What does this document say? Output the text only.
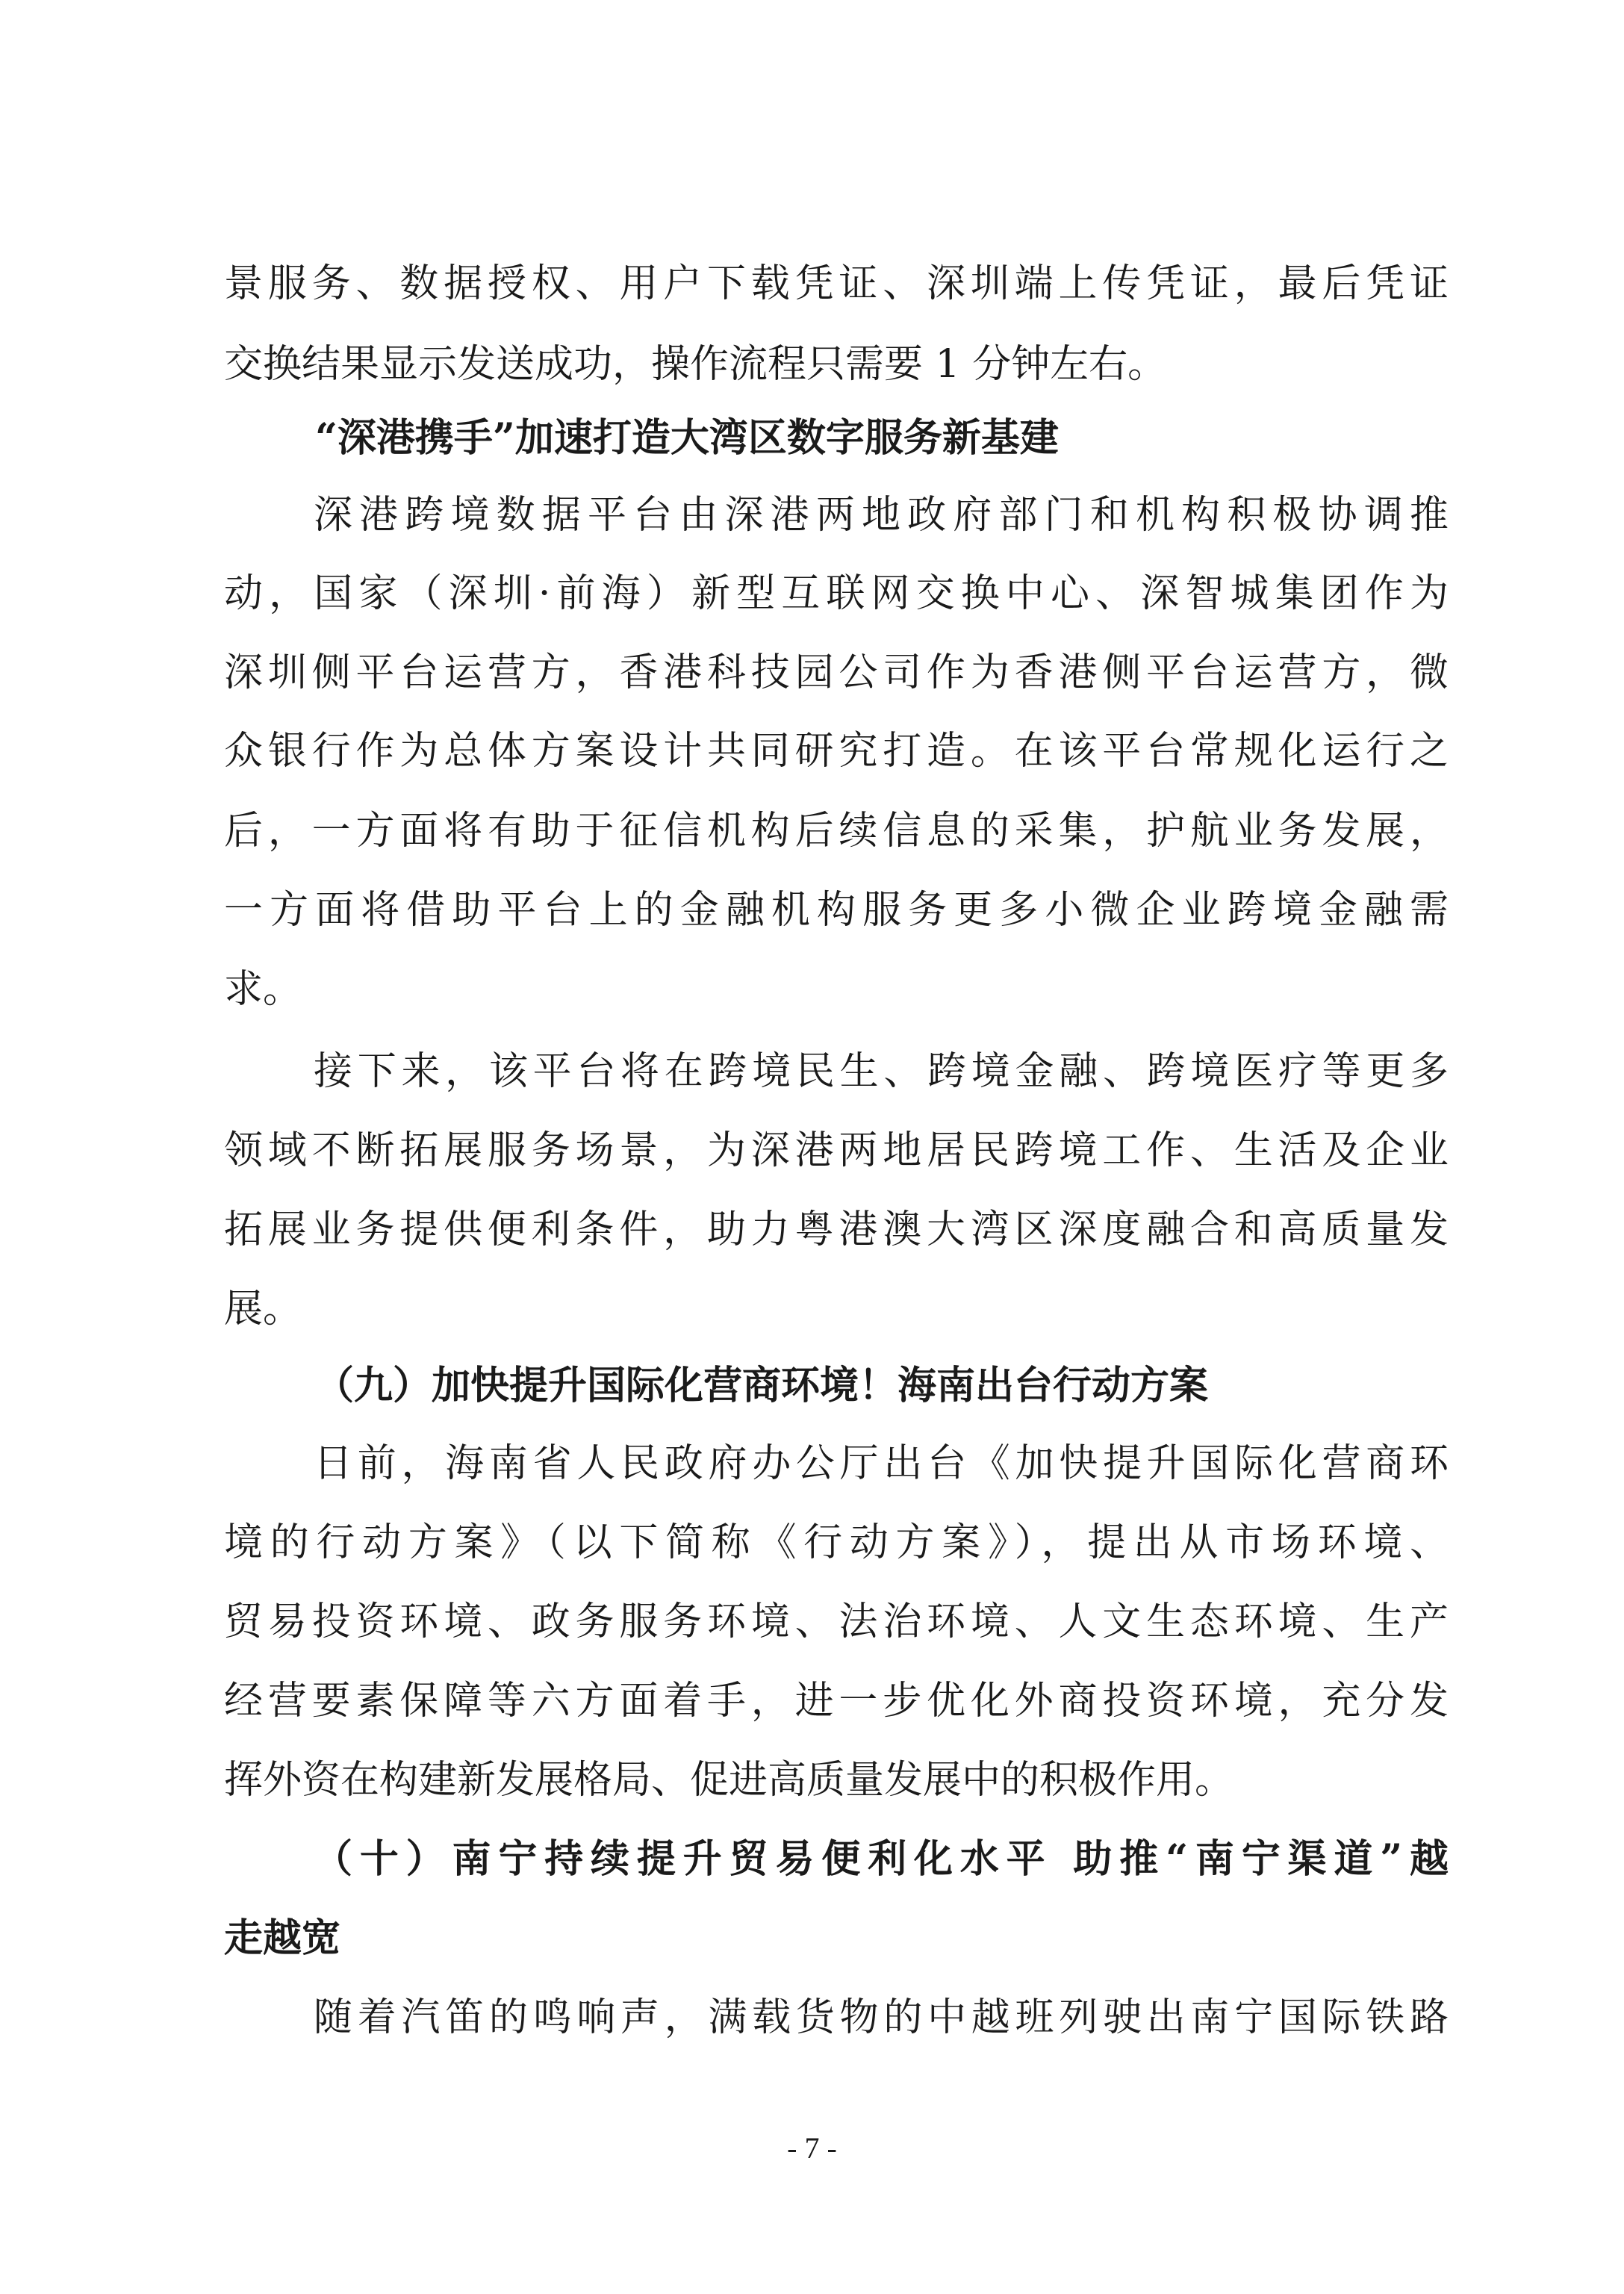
景服务、数据授权、用户下载凭证、深圳端上传凭证，最后凭证
交换结果显示发送成功，操作流程只需要 1 分钟左右。
“深港携手”加速打造大湾区数字服务新基建
深港跨境数据平台由深港两地政府部门和机构积极协调推
动，国家（深圳·前海）新型互联网交换中心、深智城集团作为
深圳侧平台运营方，香港科技园公司作为香港侧平台运营方，微
众银行作为总体方案设计共同研究打造。在该平台常规化运行之
后，一方面将有助于征信机构后续信息的采集，护航业务发展，
一方面将借助平台上的金融机构服务更多小微企业跨境金融需
求。
接下来，该平台将在跨境民生、跨境金融、跨境医疗等更多
领域不断拓展服务场景，为深港两地居民跨境工作、生活及企业
拓展业务提供便利条件，助力粤港澳大湾区深度融合和高质量发
展。
（九）加快提升国际化营商环境！海南出台行动方案
日前，海南省人民政府办公厅出台《加快提升国际化营商环
境的行动方案》（以下简称《行动方案》），提出从市场环境、
贸易投资环境、政务服务环境、法治环境、人文生态环境、生产
经营要素保障等六方面着手，进一步优化外商投资环境，充分发
挥外资在构建新发展格局、促进高质量发展中的积极作用。
（十）南宁持续提升贸易便利化水平 助推“南宁渠道”越
走越宽
随着汽笛的鸣响声，满载货物的中越班列驶出南宁国际铁路
- 7 -
